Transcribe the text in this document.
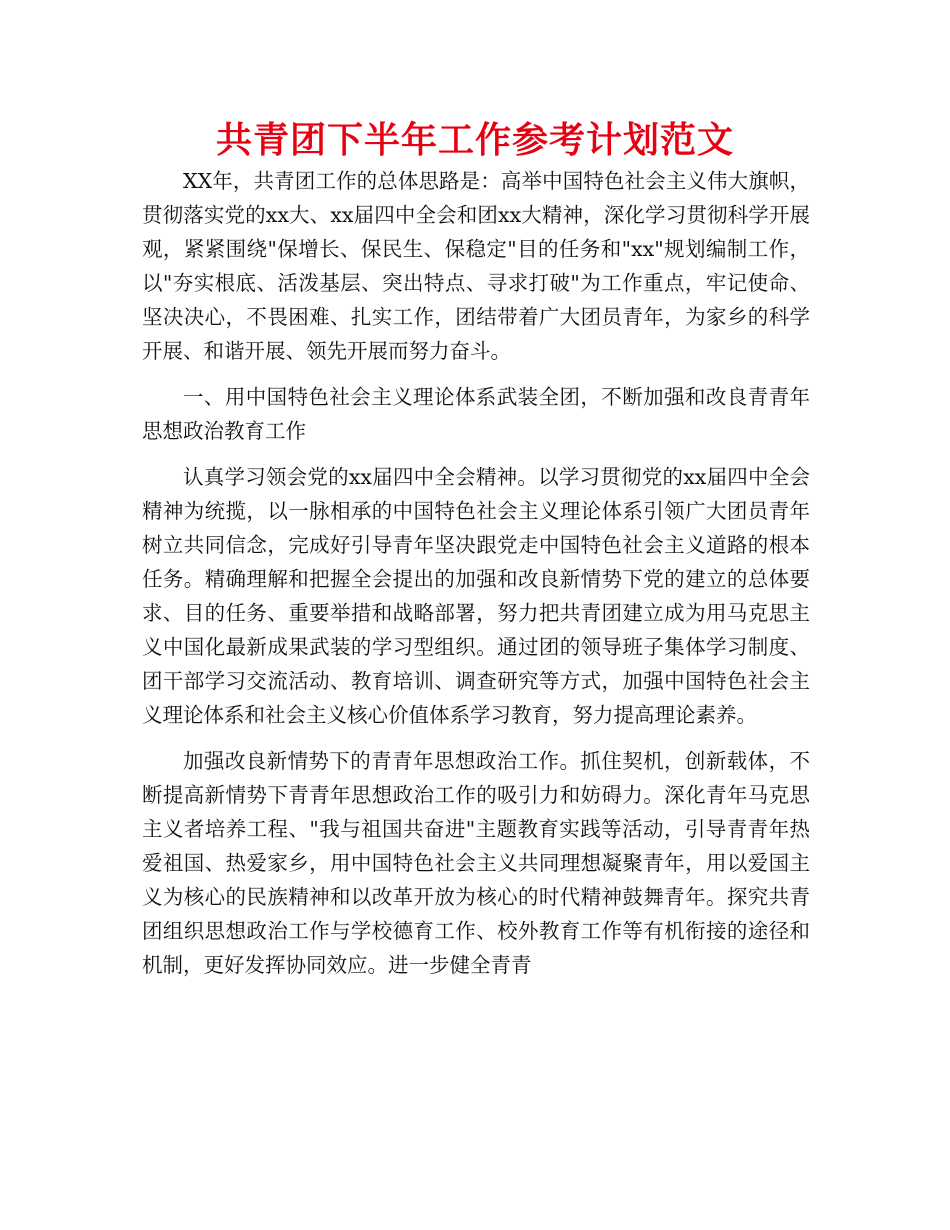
共青团下半年工作参考计划范文

XX年，共青团工作的总体思路是：高举中国特色社会主义伟大旗帜，贯彻落实党的xx大、xx届四中全会和团xx大精神，深化学习贯彻科学开展观，紧紧围绕"保增长、保民生、保稳定"目的任务和"xx"规划编制工作，以"夯实根底、活泼基层、突出特点、寻求打破"为工作重点，牢记使命、坚决决心，不畏困难、扎实工作，团结带着广大团员青年，为家乡的科学开展、和谐开展、领先开展而努力奋斗。

一、用中国特色社会主义理论体系武装全团，不断加强和改良青青年思想政治教育工作

认真学习领会党的xx届四中全会精神。以学习贯彻党的xx届四中全会精神为统揽，以一脉相承的中国特色社会主义理论体系引领广大团员青年树立共同信念，完成好引导青年坚决跟党走中国特色社会主义道路的根本任务。精确理解和把握全会提出的加强和改良新情势下党的建立的总体要求、目的任务、重要举措和战略部署，努力把共青团建立成为用马克思主义中国化最新成果武装的学习型组织。通过团的领导班子集体学习制度、团干部学习交流活动、教育培训、调查研究等方式，加强中国特色社会主义理论体系和社会主义核心价值体系学习教育，努力提高理论素养。

加强改良新情势下的青青年思想政治工作。抓住契机，创新载体，不断提高新情势下青青年思想政治工作的吸引力和妨碍力。深化青年马克思主义者培养工程、"我与祖国共奋进"主题教育实践等活动，引导青青年热爱祖国、热爱家乡，用中国特色社会主义共同理想凝聚青年，用以爱国主义为核心的民族精神和以改革开放为核心的时代精神鼓舞青年。探究共青团组织思想政治工作与学校德育工作、校外教育工作等有机衔接的途径和机制，更好发挥协同效应。进一步健全青青
